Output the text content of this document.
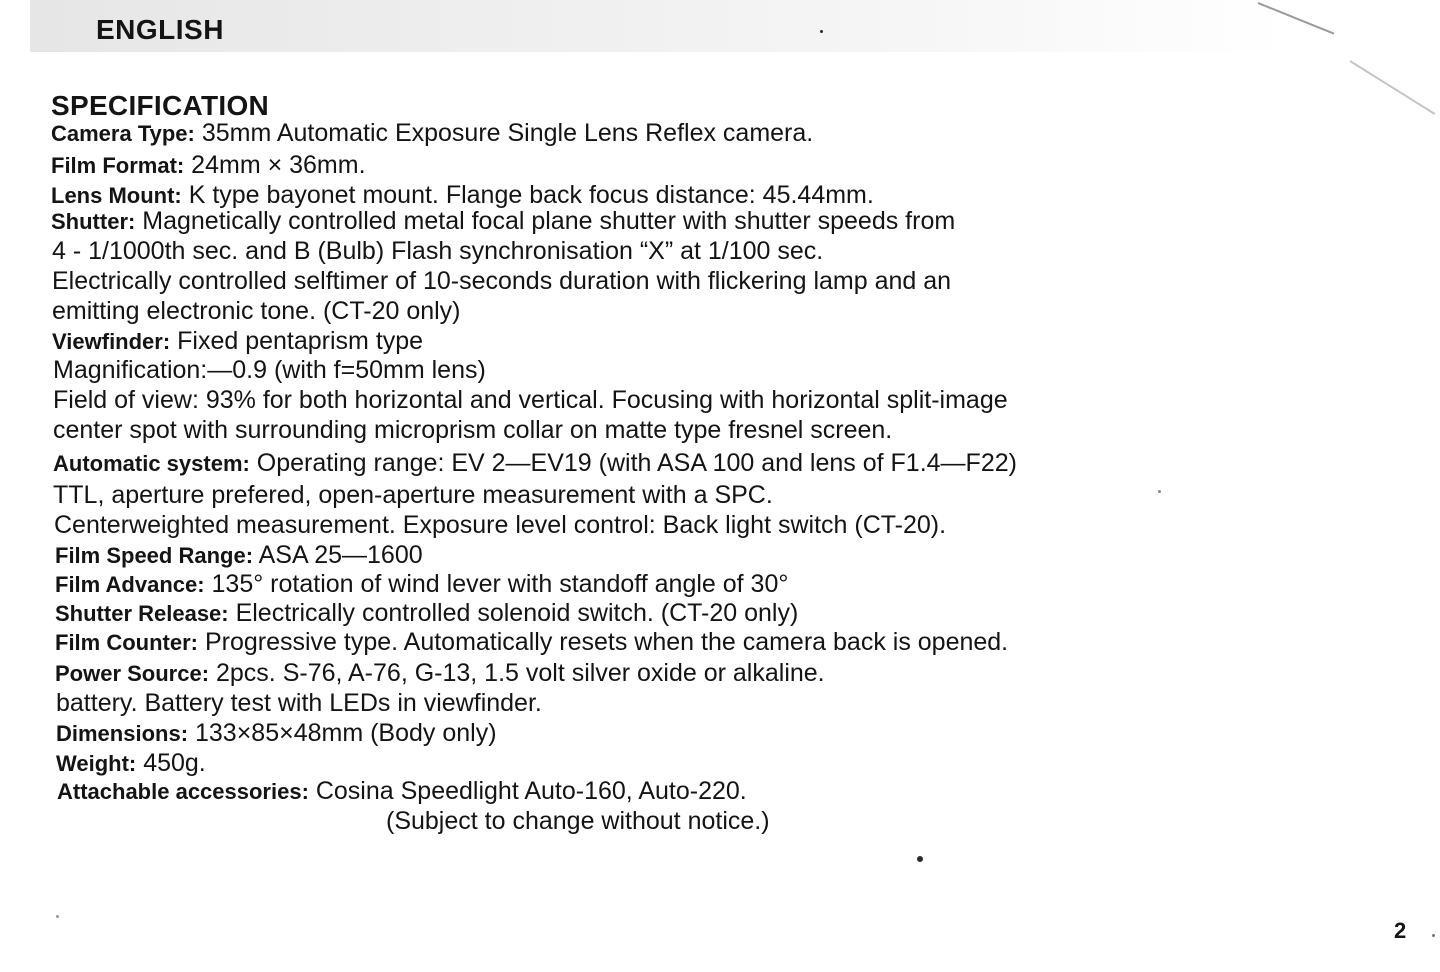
ENGLISH
SPECIFICATION
Camera Type: 35mm Automatic Exposure Single Lens Reflex camera.
Film Format: 24mm × 36mm.
Lens Mount: K type bayonet mount. Flange back focus distance: 45.44mm.
Shutter: Magnetically controlled metal focal plane shutter with shutter speeds from
4 - 1/1000th sec. and B (Bulb) Flash synchronisation “X” at 1/100 sec.
Electrically controlled selftimer of 10-seconds duration with flickering lamp and an
emitting electronic tone. (CT-20 only)
Viewfinder: Fixed pentaprism type
Magnification:—0.9 (with f=50mm lens)
Field of view: 93% for both horizontal and vertical. Focusing with horizontal split-image
center spot with surrounding microprism collar on matte type fresnel screen.
Automatic system: Operating range: EV 2—EV19 (with ASA 100 and lens of F1.4—F22)
TTL, aperture prefered, open-aperture measurement with a SPC.
Centerweighted measurement. Exposure level control: Back light switch (CT-20).
Film Speed Range: ASA 25—1600
Film Advance: 135° rotation of wind lever with standoff angle of 30°
Shutter Release: Electrically controlled solenoid switch. (CT-20 only)
Film Counter: Progressive type. Automatically resets when the camera back is opened.
Power Source: 2pcs. S-76, A-76, G-13, 1.5 volt silver oxide or alkaline.
battery. Battery test with LEDs in viewfinder.
Dimensions: 133×85×48mm (Body only)
Weight: 450g.
Attachable accessories: Cosina Speedlight Auto-160, Auto-220.
(Subject to change without notice.)
2
